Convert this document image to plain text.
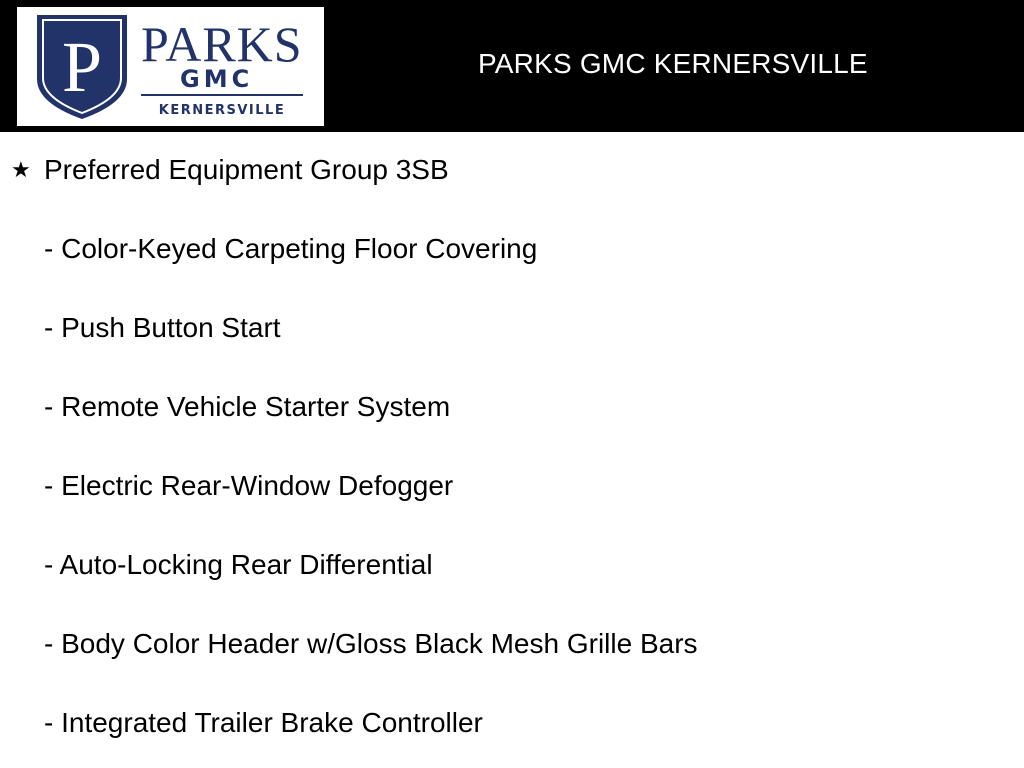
P PARKS
GMC
KERNERSVILLE
PARKS GMC KERNERSVILLE
★ Preferred Equipment Group 3SB
- Color-Keyed Carpeting Floor Covering
- Push Button Start
- Remote Vehicle Starter System
- Electric Rear-Window Defogger
- Auto-Locking Rear Differential
- Body Color Header w/Gloss Black Mesh Grille Bars
- Integrated Trailer Brake Controller
